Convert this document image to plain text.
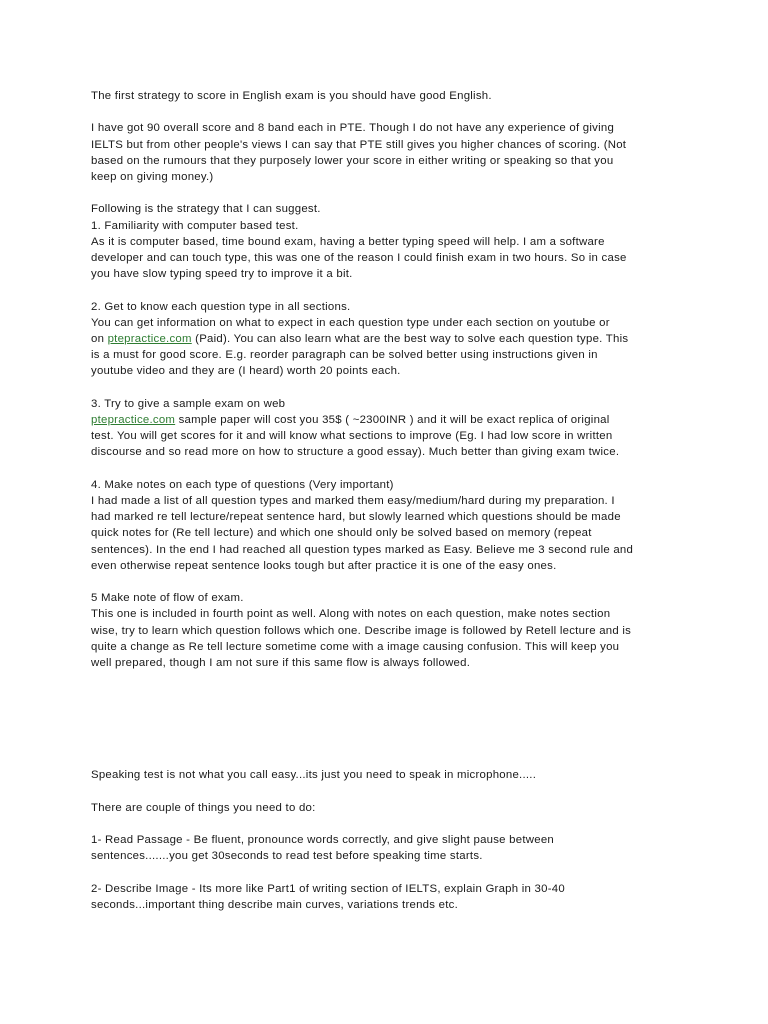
The first strategy to score in English exam is you should have good English.

I have got 90 overall score and 8 band each in PTE. Though I do not have any experience of giving
IELTS but from other people's views I can say that PTE still gives you higher chances of scoring. (Not
based on the rumours that they purposely lower your score in either writing or speaking so that you
keep on giving money.)

Following is the strategy that I can suggest.
1. Familiarity with computer based test.
As it is computer based, time bound exam, having a better typing speed will help. I am a software
developer and can touch type, this was one of the reason I could finish exam in two hours. So in case
you have slow typing speed try to improve it a bit.

2. Get to know each question type in all sections.
You can get information on what to expect in each question type under each section on youtube or
on ptepractice.com (Paid). You can also learn what are the best way to solve each question type. This
is a must for good score. E.g. reorder paragraph can be solved better using instructions given in
youtube video and they are (I heard) worth 20 points each.

3. Try to give a sample exam on web
ptepractice.com sample paper will cost you 35$ ( ~2300INR ) and it will be exact replica of original
test. You will get scores for it and will know what sections to improve (Eg. I had low score in written
discourse and so read more on how to structure a good essay). Much better than giving exam twice.

4. Make notes on each type of questions (Very important)
I had made a list of all question types and marked them easy/medium/hard during my preparation. I
had marked re tell lecture/repeat sentence hard, but slowly learned which questions should be made
quick notes for (Re tell lecture) and which one should only be solved based on memory (repeat
sentences). In the end I had reached all question types marked as Easy. Believe me 3 second rule and
even otherwise repeat sentence looks tough but after practice it is one of the easy ones.

5 Make note of flow of exam.
This one is included in fourth point as well. Along with notes on each question, make notes section
wise, try to learn which question follows which one. Describe image is followed by Retell lecture and is
quite a change as Re tell lecture sometime come with a image causing confusion. This will keep you
well prepared, though I am not sure if this same flow is always followed.

Speaking test is not what you call easy...its just you need to speak in microphone.....

There are couple of things you need to do:

1- Read Passage - Be fluent, pronounce words correctly, and give slight pause between
sentences.......you get 30seconds to read test before speaking time starts.

2- Describe Image - Its more like Part1 of writing section of IELTS, explain Graph in 30-40
seconds...important thing describe main curves, variations trends etc.
